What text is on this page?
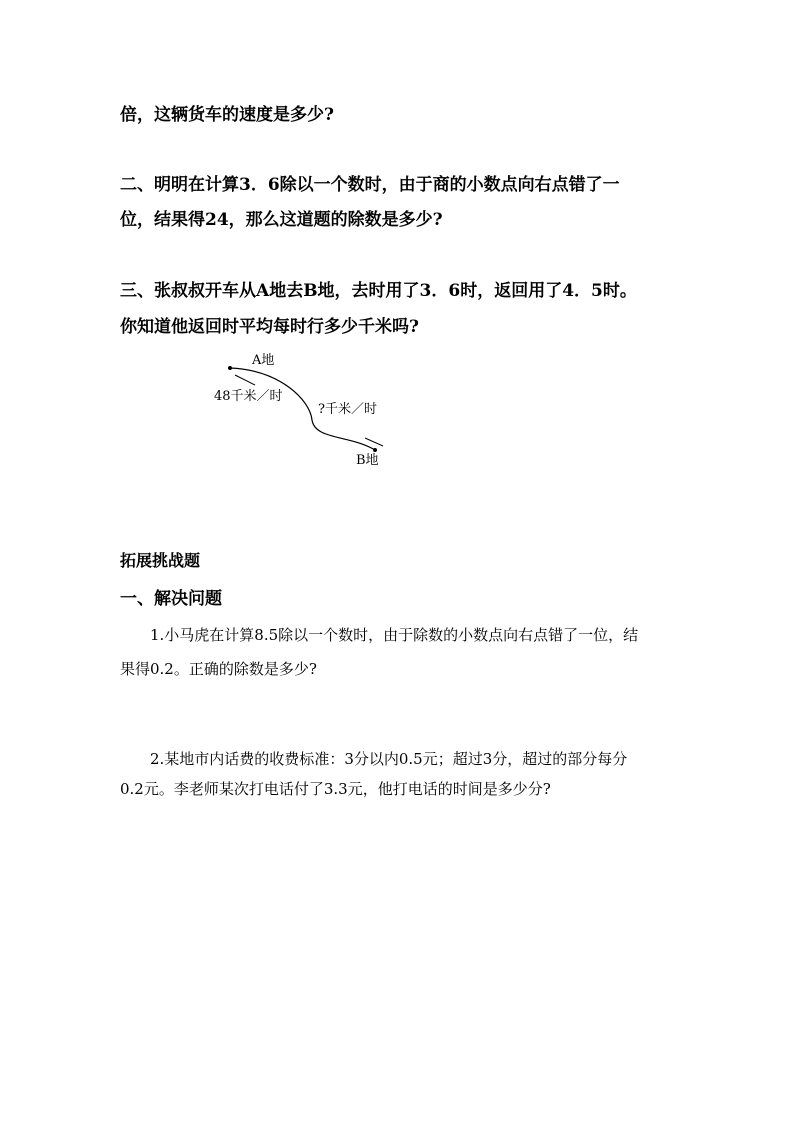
倍，这辆货车的速度是多少?
二、明明在计算3．6除以一个数时，由于商的小数点向右点错了一
位，结果得24，那么这道题的除数是多少?
三、张叔叔开车从A地去B地，去时用了3．6时，返回用了4．5时。
你知道他返回时平均每时行多少千米吗?
A地
B地
48千米／时
?千米／时
拓展挑战题
一、解决问题
1.小马虎在计算8.5除以一个数时，由于除数的小数点向右点错了一位，结
果得0.2。正确的除数是多少?
2.某地市内话费的收费标准：3分以内0.5元；超过3分，超过的部分每分
0.2元。李老师某次打电话付了3.3元，他打电话的时间是多少分?
